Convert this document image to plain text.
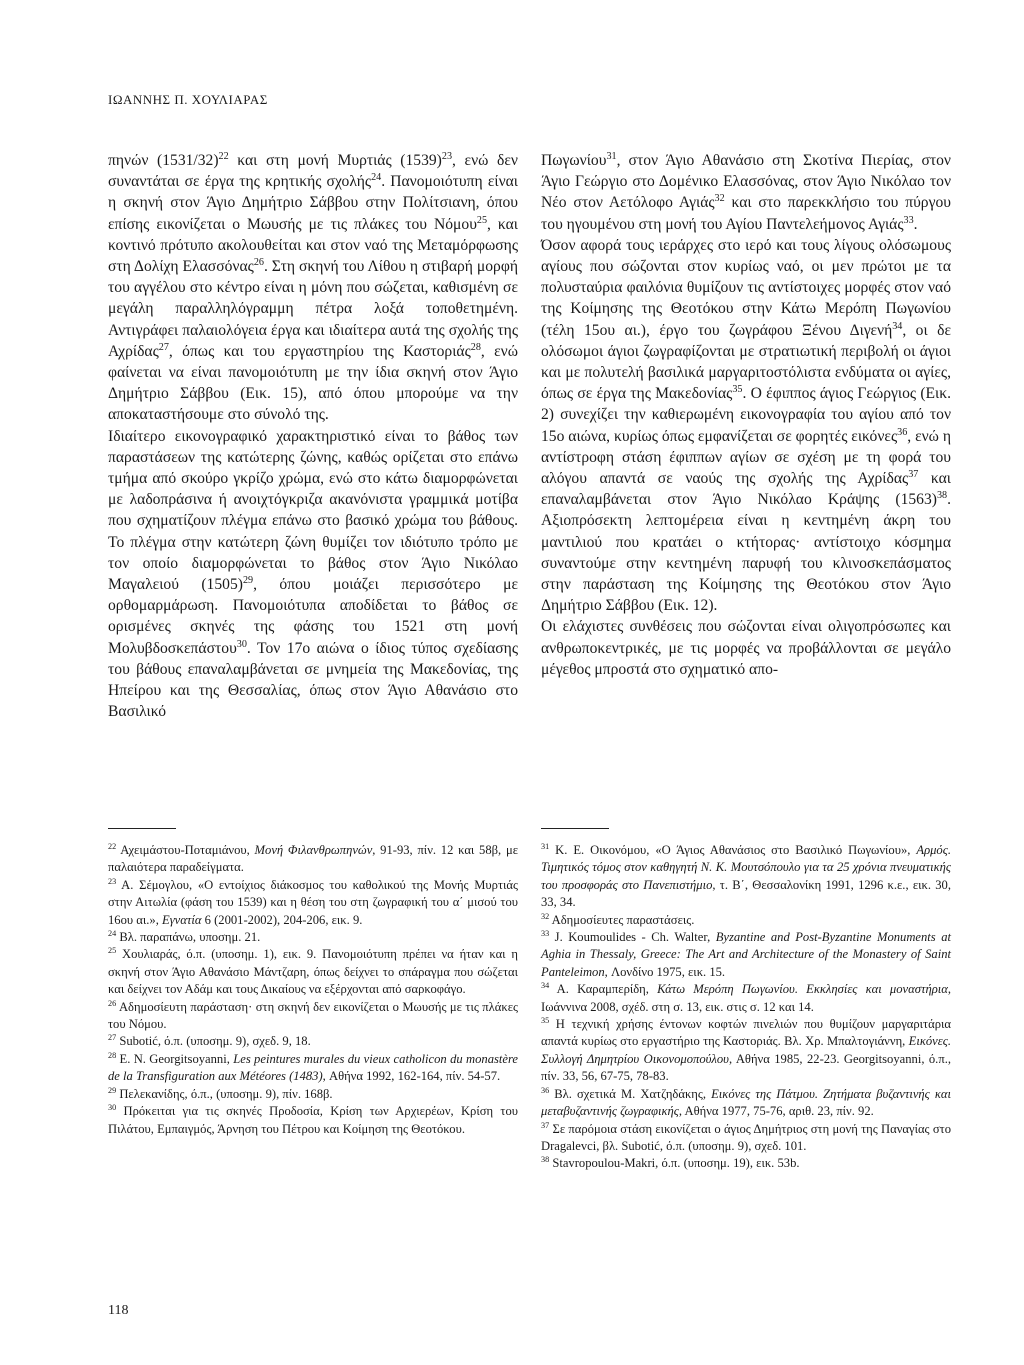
ΙΩΑΝΝΗΣ Π. ΧΟΥΛΙΑΡΑΣ

πηνών $(1531/32)^{22}$ και στη μονή Μυρτιάς $(1539)^{23}$, ενώ δεν συναντάται σε έργα της κρητικής σχολής$^{24}$. Πανομοιότυπη είναι η σκηνή στον Άγιο Δημήτριο Σάββου στην Πολίτσιανη, όπου επίσης εικονίζεται ο Μωυσής με τις πλάκες του Νόμου$^{25}$, και κοντινό πρότυπο ακολουθείται και στον ναό της Μεταμόρφωσης στη Δολίχη Ελασσόνας$^{26}$. Στη σκηνή του Λίθου η στιβαρή μορφή του αγγέλου στο κέντρο είναι η μόνη που σώζεται, καθισμένη σε μεγάλη παραλληλόγραμμη πέτρα λοξά τοποθετημένη. Αντιγράφει παλαιολόγεια έργα και ιδιαίτερα αυτά της σχολής της Αχρίδας$^{27}$, όπως και του εργαστηρίου της Καστοριάς$^{28}$, ενώ φαίνεται να είναι πανομοιότυπη με την ίδια σκηνή στον Άγιο Δημήτριο Σάββου (Εικ. 15), από όπου μπορούμε να την αποκαταστήσουμε στο σύνολό της.

Ιδιαίτερο εικονογραφικό χαρακτηριστικό είναι το βάθος των παραστάσεων της κατώτερης ζώνης, καθώς ορίζεται στο επάνω τμήμα από σκούρο γκρίζο χρώμα, ενώ στο κάτω διαμορφώνεται με λαδοπράσινα ή ανοιχτόγκριζα ακανόνιστα γραμμικά μοτίβα που σχηματίζουν πλέγμα επάνω στο βασικό χρώμα του βάθους. Το πλέγμα στην κατώτερη ζώνη θυμίζει τον ιδιότυπο τρόπο με τον οποίο διαμορφώνεται το βάθος στον Άγιο Νικόλαο Μαγαλειού $(1505)^{29}$, όπου μοιάζει περισσότερο με ορθομαρμάρωση. Πανομοιότυπα αποδίδεται το βάθος σε ορισμένες σκηνές της φάσης του 1521 στη μονή Μολυβδοσκεπάστου$^{30}$. Τον 17ο αιώνα ο ίδιος τύπος σχεδίασης του βάθους επαναλαμβάνεται σε μνημεία της Μακεδονίας, της Ηπείρου και της Θεσσαλίας, όπως στον Άγιο Αθανάσιο στο Βασιλικό

Πωγωνίου$^{31}$, στον Άγιο Αθανάσιο στη Σκοτίνα Πιερίας, στον Άγιο Γεώργιο στο Δομένικο Ελασσόνας, στον Άγιο Νικόλαο τον Νέο στον Αετόλοφο Αγιάς$^{32}$ και στο παρεκκλήσιο του πύργου του ηγουμένου στη μονή του Αγίου Παντελεήμονος Αγιάς$^{33}$.

Όσον αφορά τους ιεράρχες στο ιερό και τους λίγους ολόσωμους αγίους που σώζονται στον κυρίως ναό, οι μεν πρώτοι με τα πολυσταύρια φαιλόνια θυμίζουν τις αντίστοιχες μορφές στον ναό της Κοίμησης της Θεοτόκου στην Κάτω Μερόπη Πωγωνίου (τέλη 15ου αι.), έργο του ζωγράφου Ξένου Διγενή$^{34}$, οι δε ολόσωμοι άγιοι ζωγραφίζονται με στρατιωτική περιβολή οι άγιοι και με πολυτελή βασιλικά μαργαριτοστόλιστα ενδύματα οι αγίες, όπως σε έργα της Μακεδονίας$^{35}$. Ο έφιππος άγιος Γεώργιος (Εικ. 2) συνεχίζει την καθιερωμένη εικονογραφία του αγίου από τον 15ο αιώνα, κυρίως όπως εμφανίζεται σε φορητές εικόνες$^{36}$, ενώ η αντίστροφη στάση έφιππων αγίων σε σχέση με τη φορά του αλόγου απαντά σε ναούς της σχολής της Αχρίδας$^{37}$ και επαναλαμβάνεται στον Άγιο Νικόλαο Κράψης $(1563)^{38}$. Αξιοπρόσεκτη λεπτομέρεια είναι η κεντημένη άκρη του μαντιλιού που κρατάει ο κτήτορας· αντίστοιχο κόσμημα συναντούμε στην κεντημένη παρυφή του κλινοσκεπάσματος στην παράσταση της Κοίμησης της Θεοτόκου στον Άγιο Δημήτριο Σάββου (Εικ. 12).

Οι ελάχιστες συνθέσεις που σώζονται είναι ολιγοπρόσωπες και ανθρωποκεντρικές, με τις μορφές να προβάλλονται σε μεγάλο μέγεθος μπροστά στο σχηματικό απο-

$^{22}$ Αχειμάστου-Ποταμιάνου, Μονή Φιλανθρωπηνών, 91-93, πίν. 12 και 58β, με παλαιότερα παραδείγματα.

$^{23}$ Α. Σέμογλου, «Ο εντοίχιος διάκοσμος του καθολικού της Μονής Μυρτιάς στην Αιτωλία (φάση του 1539) και η θέση του στη ζωγραφική του α΄ μισού του 16ου αι.», Εγνατία 6 (2001-2002), 204-206, εικ. 9.

$^{24}$ Βλ. παραπάνω, υποσημ. 21.

$^{25}$ Χουλιαράς, ό.π. (υποσημ. 1), εικ. 9. Πανομοιότυπη πρέπει να ήταν και η σκηνή στον Άγιο Αθανάσιο Μάντζαρη, όπως δείχνει το σπάραγμα που σώζεται και δείχνει τον Αδάμ και τους Δικαίους να εξέρχονται από σαρκοφάγο.

$^{26}$ Αδημοσίευτη παράσταση· στη σκηνή δεν εικονίζεται ο Μωυσής με τις πλάκες του Νόμου.

$^{27}$ Subotić, ό.π. (υποσημ. 9), σχεδ. 9, 18.

$^{28}$ E. N. Georgitsoyanni, Les peintures murales du vieux catholicon du monastère de la Transfiguration aux Météores (1483), Αθήνα 1992, 162-164, πίν. 54-57.

$^{29}$ Πελεκανίδης, ό.π., (υποσημ. 9), πίν. 168β.

$^{30}$ Πρόκειται για τις σκηνές Προδοσία, Κρίση των Αρχιερέων, Κρίση του Πιλάτου, Εμπαιγμός, Άρνηση του Πέτρου και Κοίμηση της Θεοτόκου.

$^{31}$ Κ. Ε. Οικονόμου, «Ο Άγιος Αθανάσιος στο Βασιλικό Πωγωνίου», Αρμός. Τιμητικός τόμος στον καθηγητή Ν. Κ. Μουτσόπουλο για τα 25 χρόνια πνευματικής του προσφοράς στο Πανεπιστήμιο, τ. Β΄, Θεσσαλονίκη 1991, 1296 κ.ε., εικ. 30, 33, 34.

$^{32}$ Αδημοσίευτες παραστάσεις.

$^{33}$ J. Koumoulides - Ch. Walter, Byzantine and Post-Byzantine Monuments at Aghia in Thessaly, Greece: The Art and Architecture of the Monastery of Saint Panteleimon, Λονδίνο 1975, εικ. 15.

$^{34}$ Α. Καραμπερίδη, Κάτω Μερόπη Πωγωνίου. Εκκλησίες και μοναστήρια, Ιωάννινα 2008, σχέδ. στη σ. 13, εικ. στις σ. 12 και 14.

$^{35}$ Η τεχνική χρήσης έντονων κοφτών πινελιών που θυμίζουν μαργαριτάρια απαντά κυρίως στο εργαστήριο της Καστοριάς. Βλ. Χρ. Μπαλτογιάννη, Εικόνες. Συλλογή Δημητρίου Οικονομοπούλου, Αθήνα 1985, 22-23. Georgitsoyanni, ό.π., πίν. 33, 56, 67-75, 78-83.

$^{36}$ Βλ. σχετικά Μ. Χατζηδάκης, Εικόνες της Πάτμου. Ζητήματα βυζαντινής και μεταβυζαντινής ζωγραφικής, Αθήνα 1977, 75-76, αριθ. 23, πίν. 92.

$^{37}$ Σε παρόμοια στάση εικονίζεται ο άγιος Δημήτριος στη μονή της Παναγίας στο Dragalevci, βλ. Subotić, ό.π. (υποσημ. 9), σχεδ. 101.

$^{38}$ Stavropoulou-Makri, ό.π. (υποσημ. 19), εικ. 53b.

118
